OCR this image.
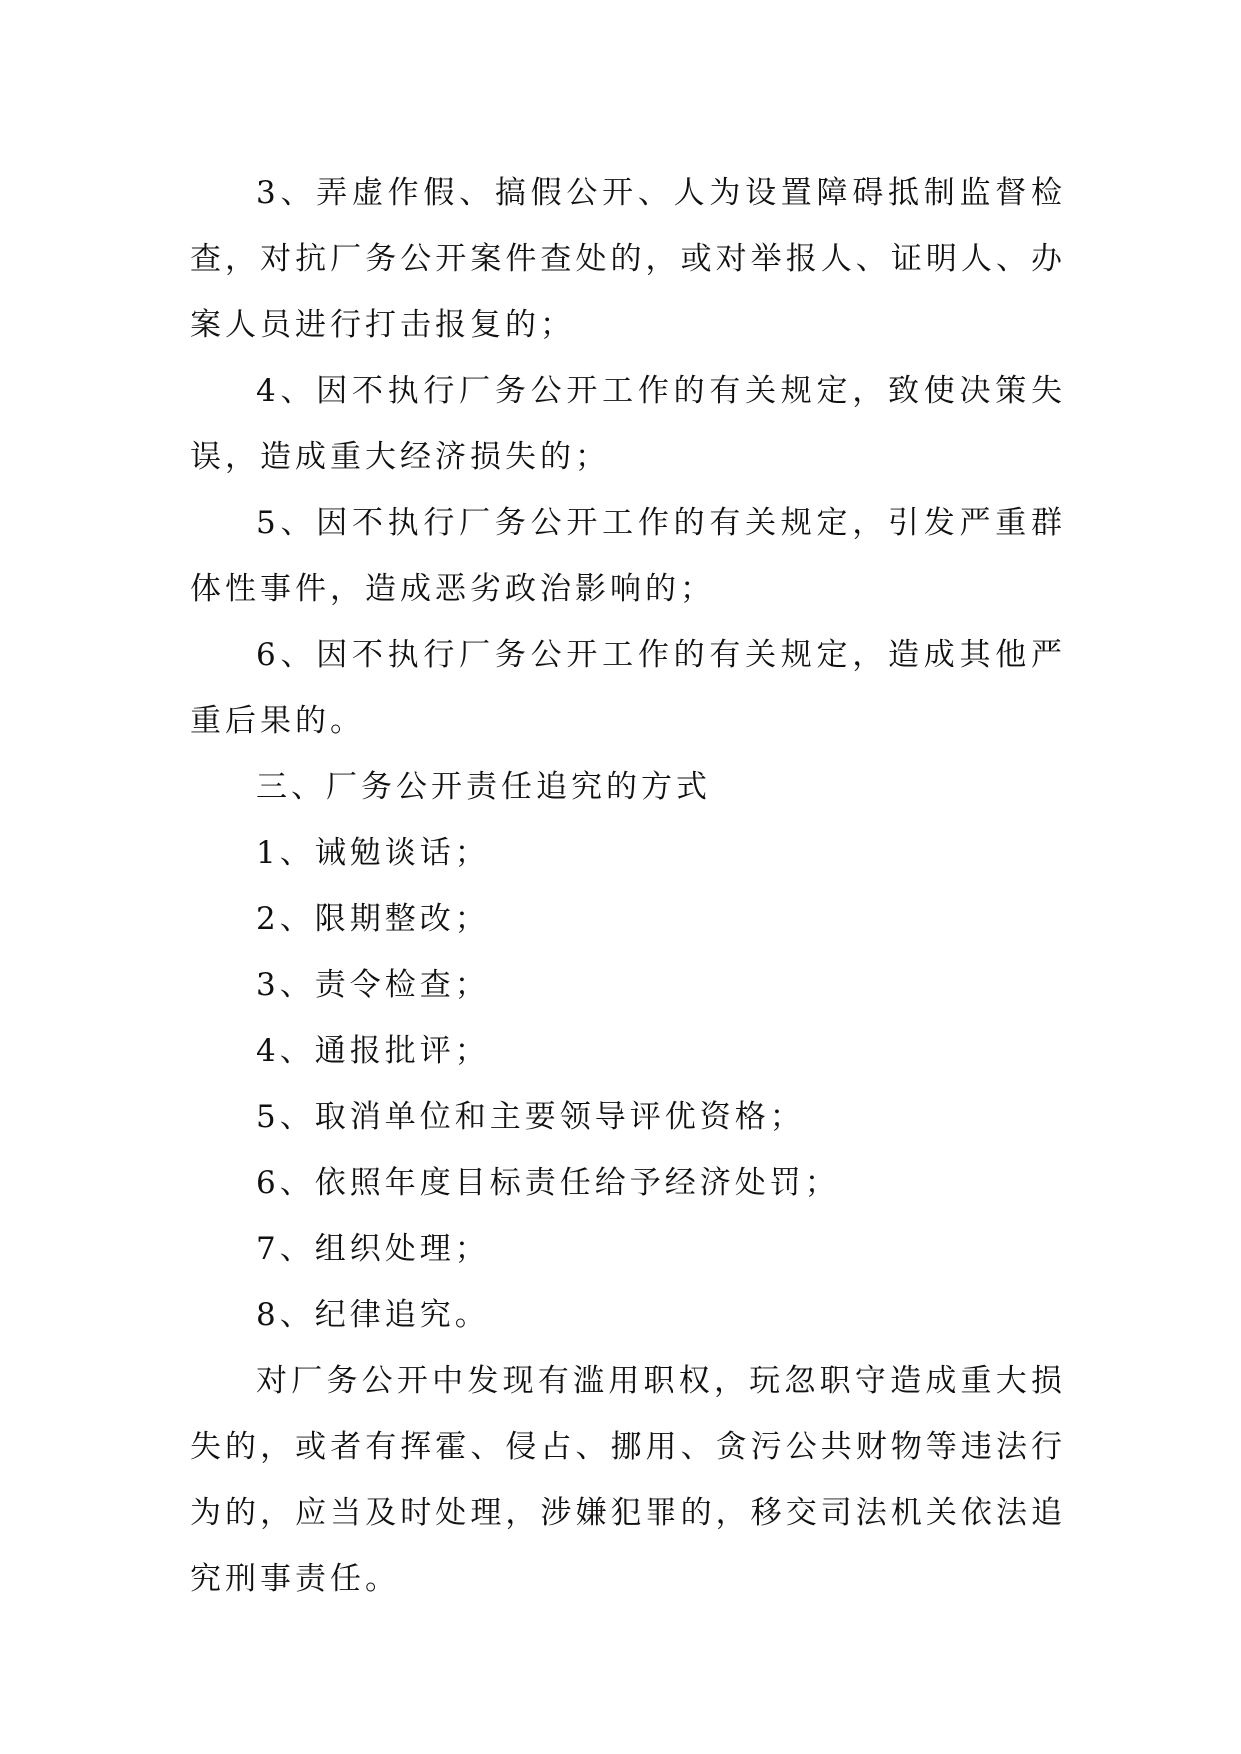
3、弄虚作假、搞假公开、人为设置障碍抵制监督检查，对抗厂务公开案件查处的，或对举报人、证明人、办案人员进行打击报复的；

4、因不执行厂务公开工作的有关规定，致使决策失误，造成重大经济损失的；

5、因不执行厂务公开工作的有关规定，引发严重群体性事件，造成恶劣政治影响的；

6、因不执行厂务公开工作的有关规定，造成其他严重后果的。

三、厂务公开责任追究的方式

1、诫勉谈话；

2、限期整改；

3、责令检查；

4、通报批评；

5、取消单位和主要领导评优资格；

6、依照年度目标责任给予经济处罚；

7、组织处理；

8、纪律追究。

对厂务公开中发现有滥用职权，玩忽职守造成重大损失的，或者有挥霍、侵占、挪用、贪污公共财物等违法行为的，应当及时处理，涉嫌犯罪的，移交司法机关依法追究刑事责任。
